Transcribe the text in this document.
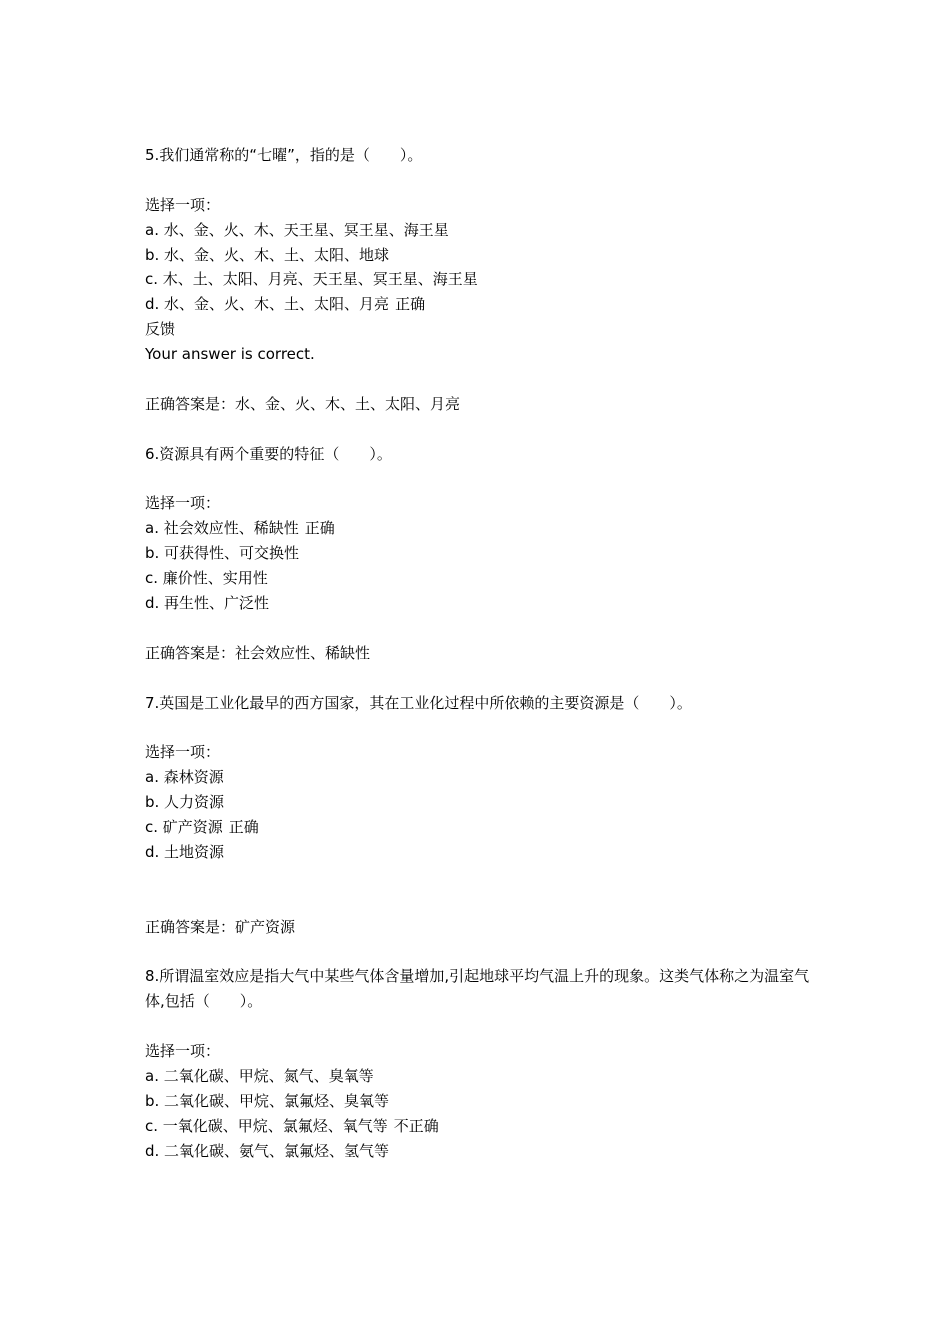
5.我们通常称的“七曜”，指的是（　　）。
选择一项：
a. 水、金、火、木、天王星、冥王星、海王星
b. 水、金、火、木、土、太阳、地球
c. 木、土、太阳、月亮、天王星、冥王星、海王星
d. 水、金、火、木、土、太阳、月亮 正确
反馈
Your answer is correct.
正确答案是：水、金、火、木、土、太阳、月亮
6.资源具有两个重要的特征（　　）。
选择一项：
a. 社会效应性、稀缺性 正确
b. 可获得性、可交换性
c. 廉价性、实用性
d. 再生性、广泛性
正确答案是：社会效应性、稀缺性
7.英国是工业化最早的西方国家，其在工业化过程中所依赖的主要资源是（　　）。
选择一项：
a. 森林资源
b. 人力资源
c. 矿产资源 正确
d. 土地资源
正确答案是：矿产资源
8.所谓温室效应是指大气中某些气体含量增加,引起地球平均气温上升的现象。这类气体称之为温室气体,包括（　　）。
选择一项：
a. 二氧化碳、甲烷、氮气、臭氧等
b. 二氧化碳、甲烷、氯氟烃、臭氧等
c. 一氧化碳、甲烷、氯氟烃、氧气等 不正确
d. 二氧化碳、氨气、氯氟烃、氢气等
